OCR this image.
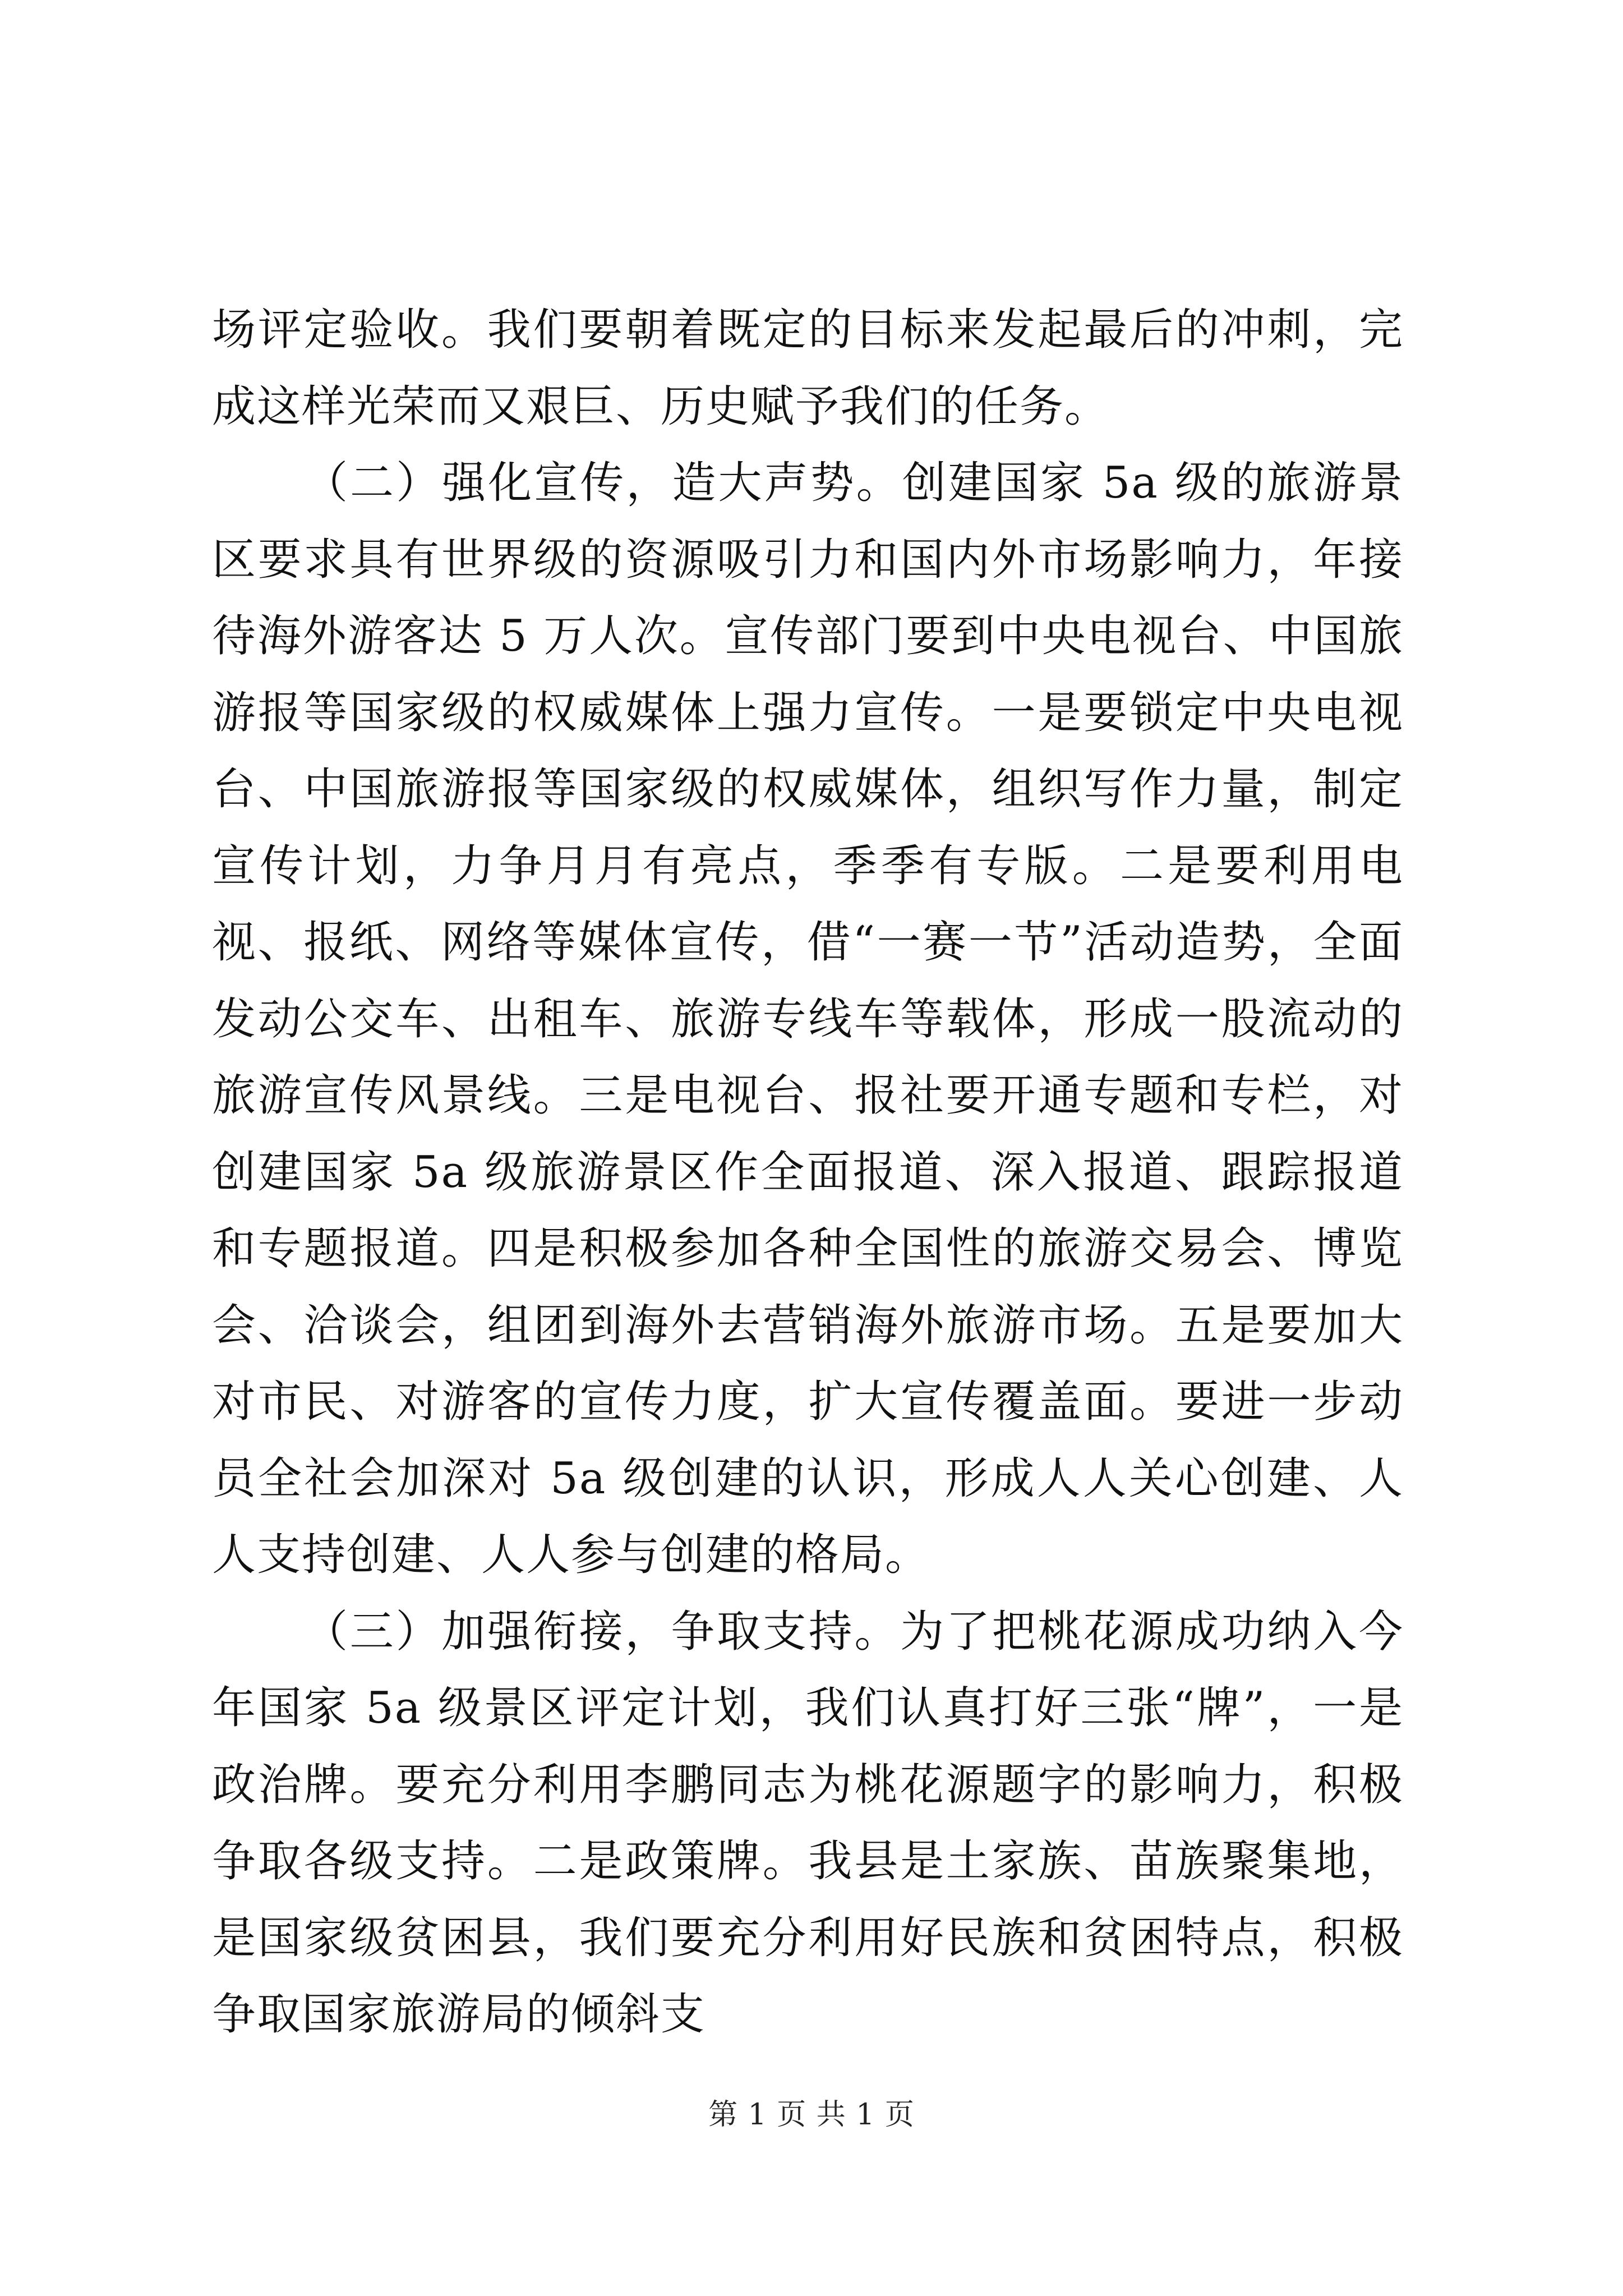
场评定验收。我们要朝着既定的目标来发起最后的冲刺，完成这样光荣而又艰巨、历史赋予我们的任务。

（二）强化宣传，造大声势。创建国家 5a 级的旅游景区要求具有世界级的资源吸引力和国内外市场影响力，年接待海外游客达 5 万人次。宣传部门要到中央电视台、中国旅游报等国家级的权威媒体上强力宣传。一是要锁定中央电视台、中国旅游报等国家级的权威媒体，组织写作力量，制定宣传计划，力争月月有亮点，季季有专版。二是要利用电视、报纸、网络等媒体宣传，借“一赛一节”活动造势，全面发动公交车、出租车、旅游专线车等载体，形成一股流动的旅游宣传风景线。三是电视台、报社要开通专题和专栏，对创建国家 5a 级旅游景区作全面报道、深入报道、跟踪报道和专题报道。四是积极参加各种全国性的旅游交易会、博览会、洽谈会，组团到海外去营销海外旅游市场。五是要加大对市民、对游客的宣传力度，扩大宣传覆盖面。要进一步动员全社会加深对 5a 级创建的认识，形成人人关心创建、人人支持创建、人人参与创建的格局。

（三）加强衔接，争取支持。为了把桃花源成功纳入今年国家 5a 级景区评定计划，我们认真打好三张“牌”，一是政治牌。要充分利用李鹏同志为桃花源题字的影响力，积极争取各级支持。二是政策牌。我县是土家族、苗族聚集地，是国家级贫困县，我们要充分利用好民族和贫困特点，积极争取国家旅游局的倾斜支

第 1 页 共 1 页
